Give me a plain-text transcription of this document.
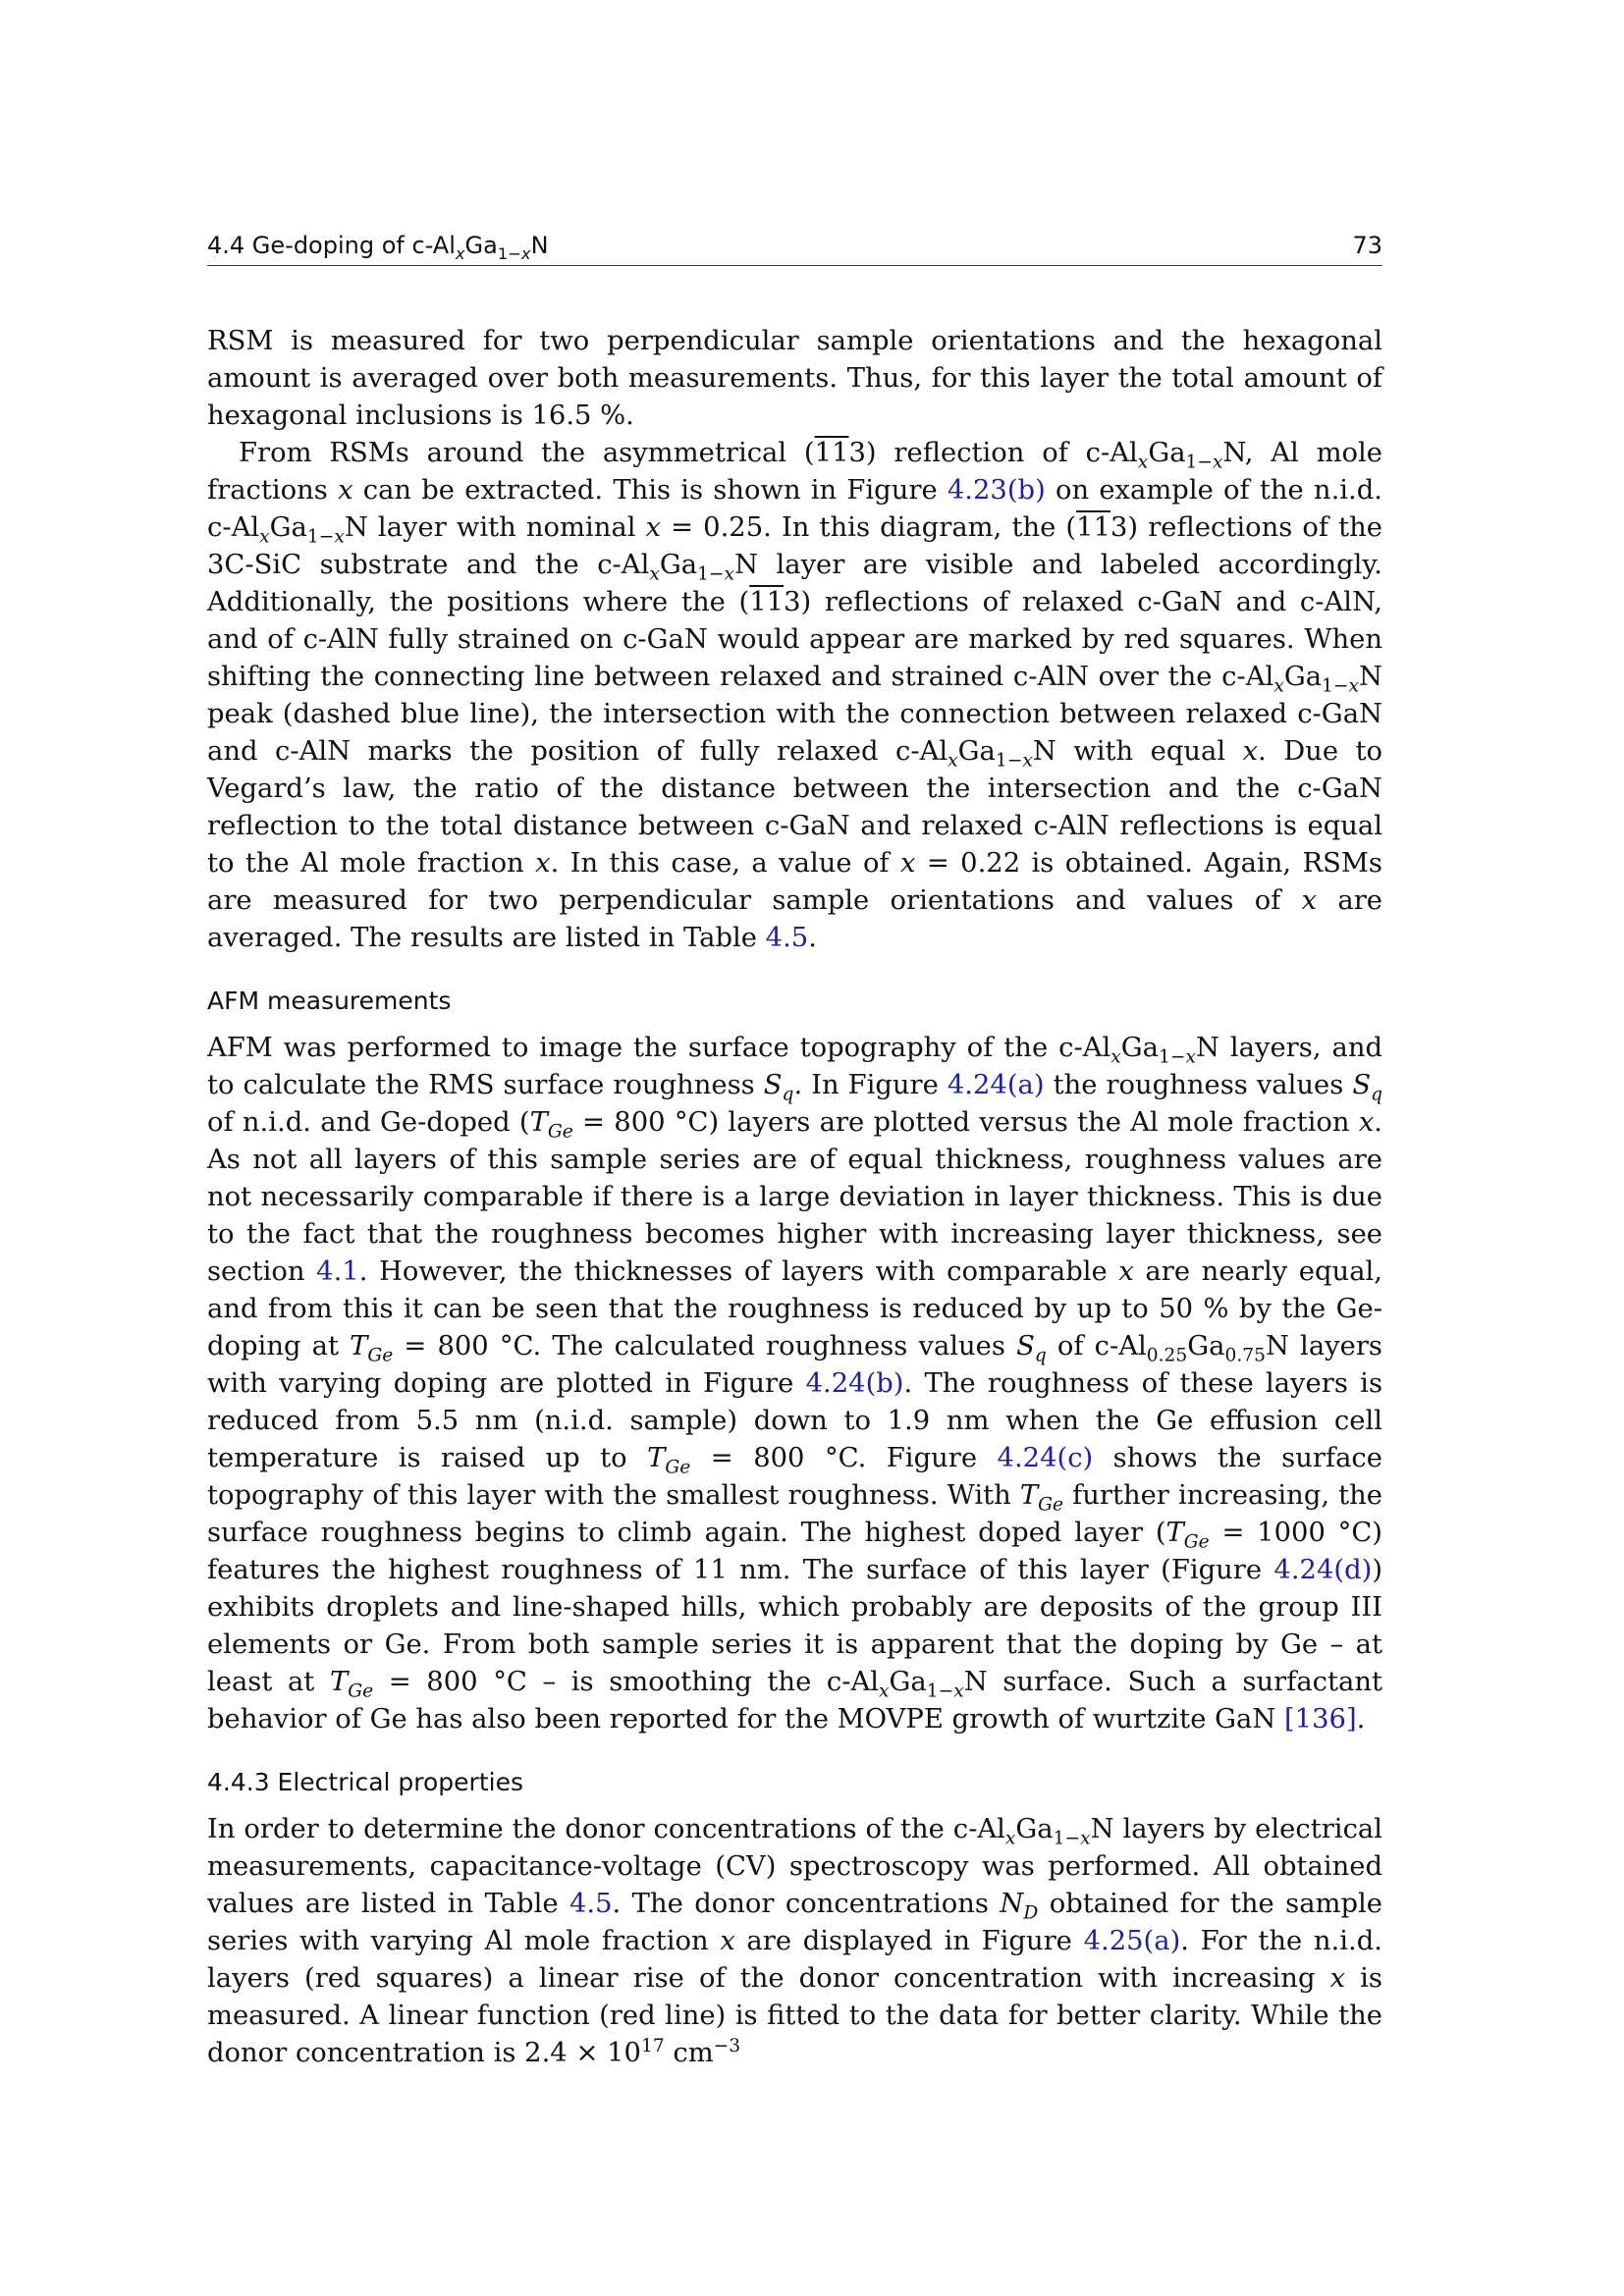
4.4 Ge-doping of $c-Al_xGa_{1-x}N$	73

RSM is measured for two perpendicular sample orientations and the hexagonal amount is averaged over both measurements. Thus, for this layer the total amount of hexagonal inclusions is 16.5 %.

From RSMs around the asymmetrical (113) reflection of $c-Al_xGa_{1-x}N$, Al mole fractions x can be extracted. This is shown in Figure 4.23(b) on example of the n.i.d. $c-Al_xGa_{1-x}N$ layer with nominal x = 0.25. In this diagram, the (113) reflections of the 3C-SiC substrate and the $c-Al_xGa_{1-x}N$ layer are visible and labeled accordingly. Additionally, the positions where the (113) reflections of relaxed c-GaN and c-AlN, and of c-AlN fully strained on c-GaN would appear are marked by red squares. When shifting the connecting line between relaxed and strained c-AlN over the $c-Al_xGa_{1-x}N$ peak (dashed blue line), the intersection with the connection between relaxed c-GaN and c-AlN marks the position of fully relaxed $c-Al_xGa_{1-x}N$ with equal x. Due to Vegard’s law, the ratio of the distance between the intersection and the c-GaN reflection to the total distance between c-GaN and relaxed c-AlN reflections is equal to the Al mole fraction x. In this case, a value of x = 0.22 is obtained. Again, RSMs are measured for two perpendicular sample orientations and values of x are averaged. The results are listed in Table 4.5.

AFM measurements

AFM was performed to image the surface topography of the $c-Al_xGa_{1-x}N$ layers, and to calculate the RMS surface roughness $S_q$. In Figure 4.24(a) the roughness values $S_q$ of n.i.d. and Ge-doped ($T_{Ge} = 800$ °C) layers are plotted versus the Al mole fraction x. As not all layers of this sample series are of equal thickness, roughness values are not necessarily comparable if there is a large deviation in layer thickness. This is due to the fact that the roughness becomes higher with increasing layer thickness, see section 4.1. However, the thicknesses of layers with comparable x are nearly equal, and from this it can be seen that the roughness is reduced by up to 50 % by the Ge-doping at $T_{Ge} = 800$ °C. The calculated roughness values $S_q$ of $c-Al_{0.25}Ga_{0.75}N$ layers with varying doping are plotted in Figure 4.24(b). The roughness of these layers is reduced from 5.5 nm (n.i.d. sample) down to 1.9 nm when the Ge effusion cell temperature is raised up to $T_{Ge} = 800$ °C. Figure 4.24(c) shows the surface topography of this layer with the smallest roughness. With $T_{Ge}$ further increasing, the surface roughness begins to climb again. The highest doped layer ($T_{Ge} = 1000$ °C) features the highest roughness of 11 nm. The surface of this layer (Figure 4.24(d)) exhibits droplets and line-shaped hills, which probably are deposits of the group III elements or Ge. From both sample series it is apparent that the doping by Ge – at least at $T_{Ge} = 800$ °C – is smoothing the $c-Al_xGa_{1-x}N$ surface. Such a surfactant behavior of Ge has also been reported for the MOVPE growth of wurtzite GaN [136].

4.4.3 Electrical properties

In order to determine the donor concentrations of the $c-Al_xGa_{1-x}N$ layers by electrical measurements, capacitance-voltage (CV) spectroscopy was performed. All obtained values are listed in Table 4.5. The donor concentrations $N_D$ obtained for the sample series with varying Al mole fraction x are displayed in Figure 4.25(a). For the n.i.d. layers (red squares) a linear rise of the donor concentration with increasing x is measured. A linear function (red line) is fitted to the data for better clarity. While the donor concentration is $2.4 \times 10^{17}$ $cm^{-3}$
